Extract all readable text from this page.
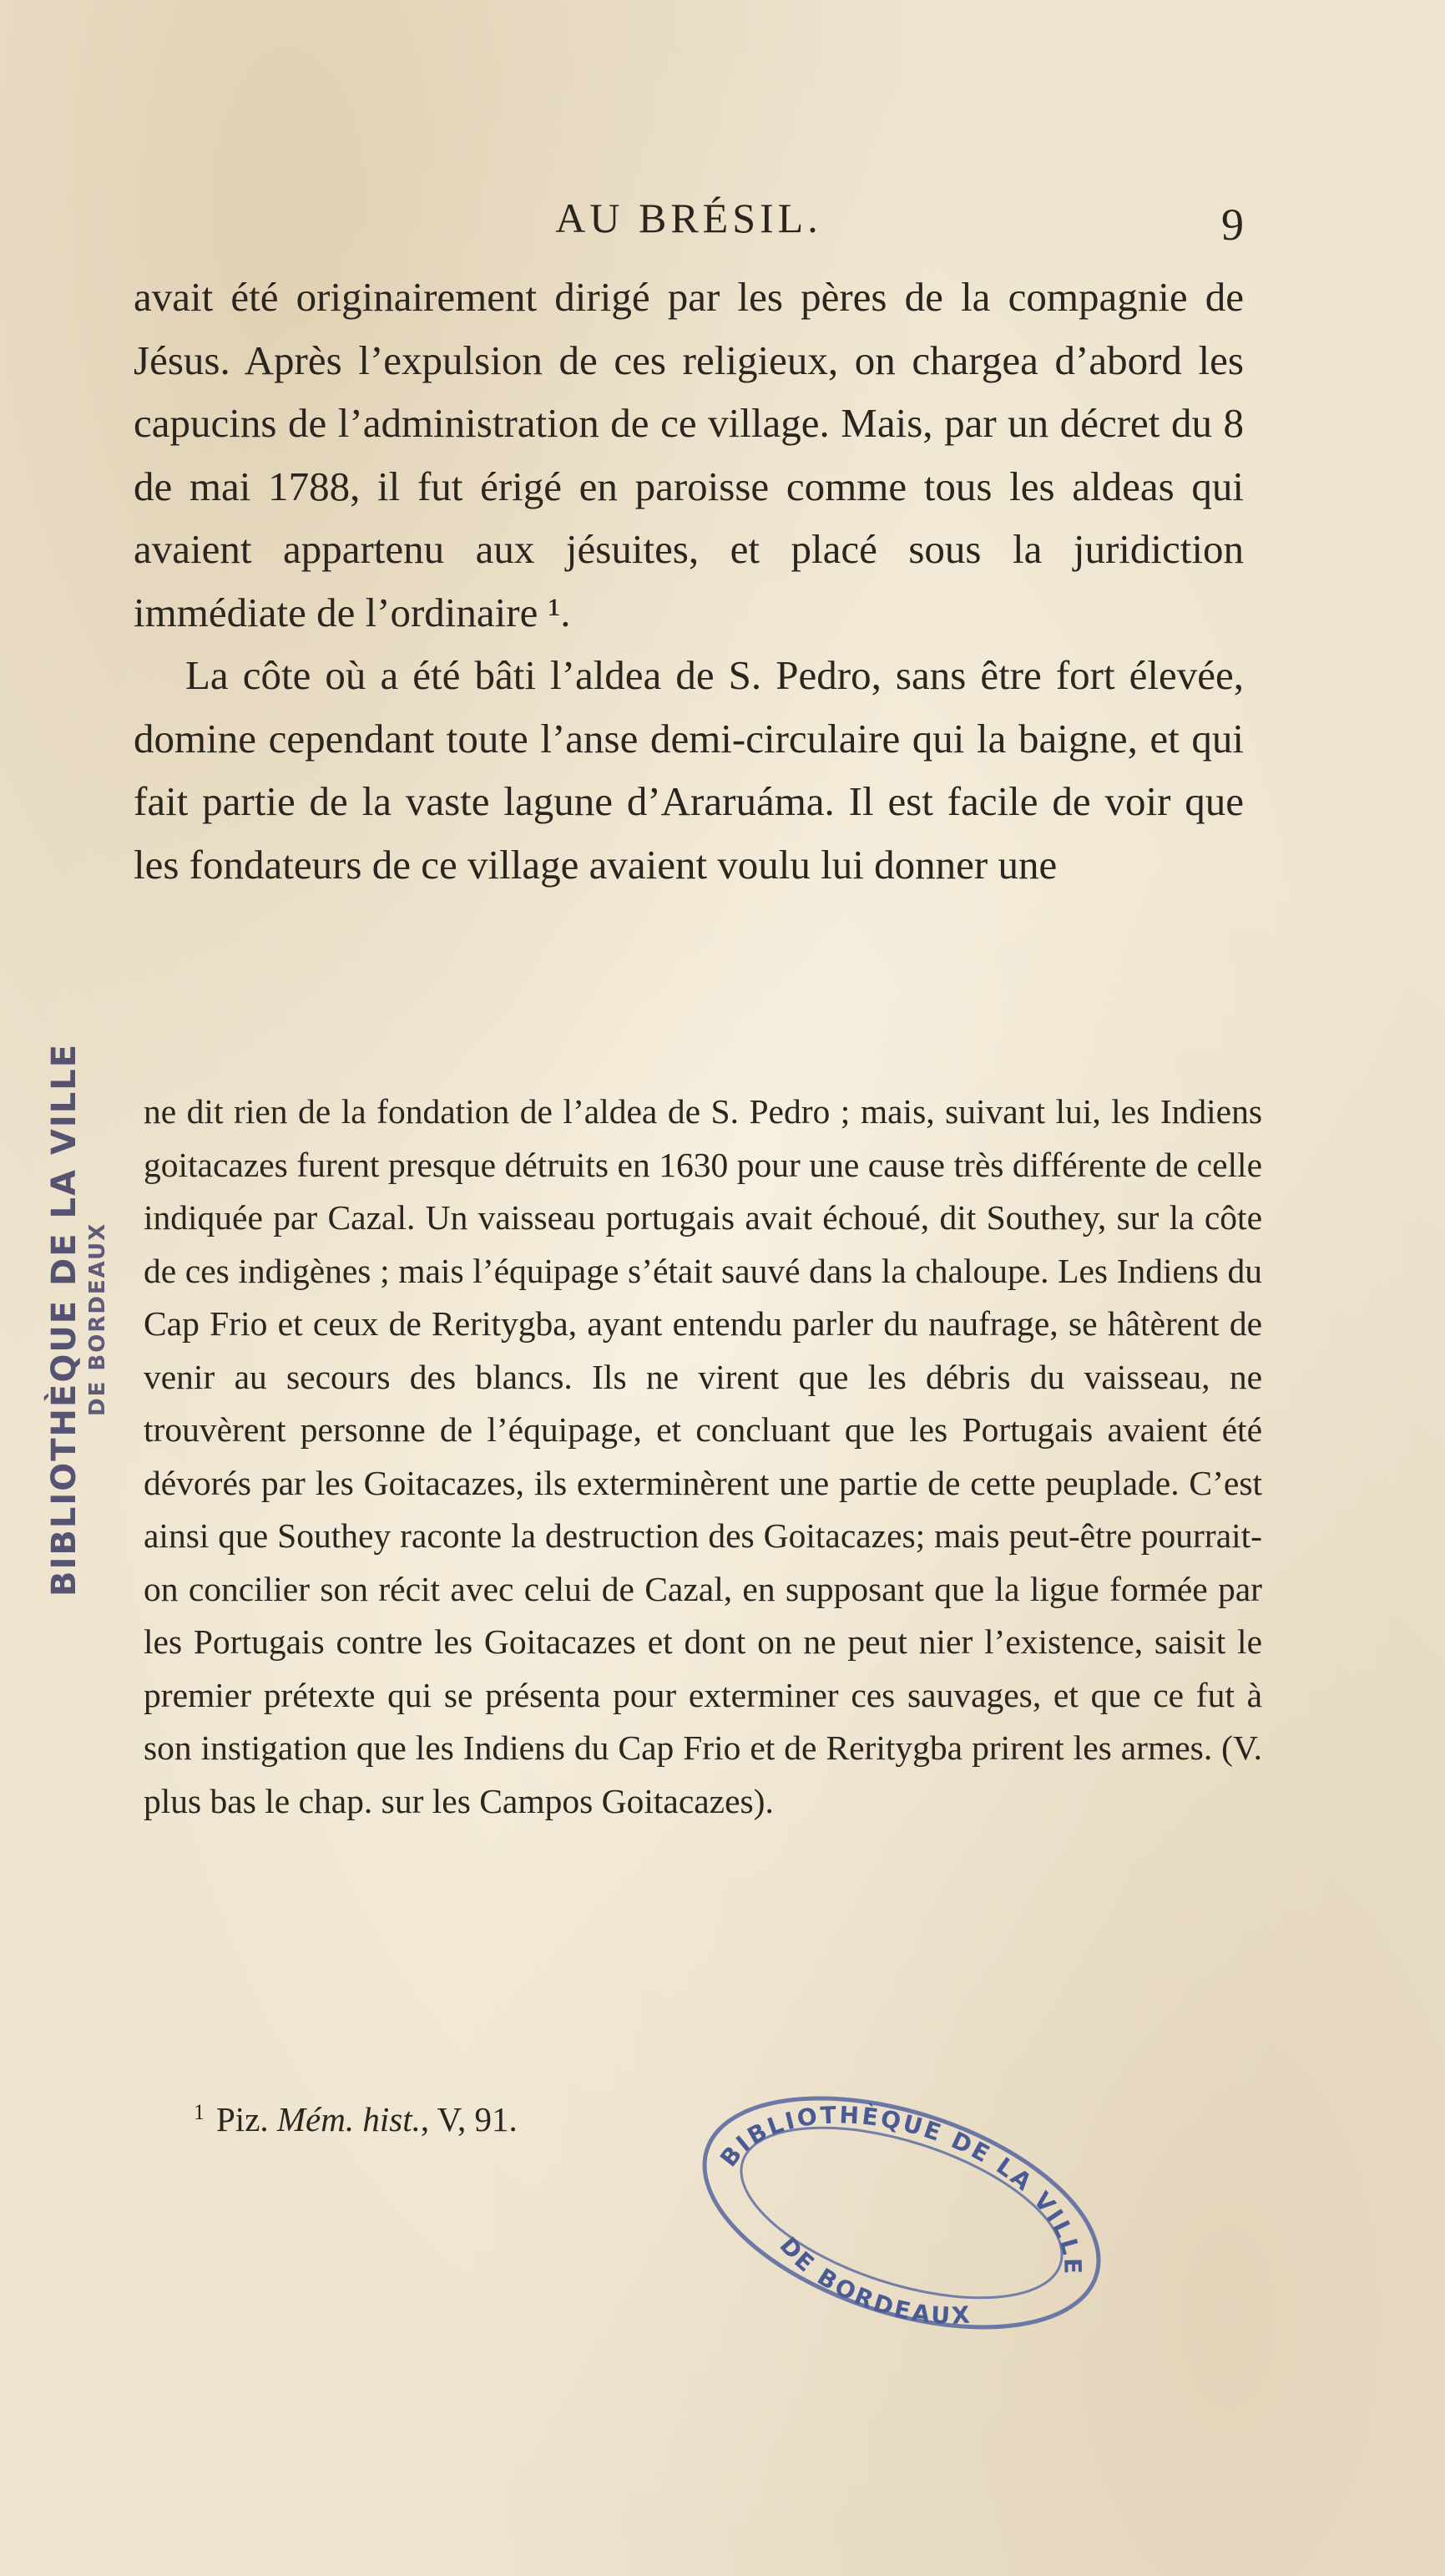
AU BRÉSIL.	9

avait été originairement dirigé par les pères de la compagnie de Jésus. Après l’expulsion de ces religieux, on chargea d’abord les capucins de l’administration de ce village. Mais, par un décret du 8 de mai 1788, il fut érigé en paroisse comme tous les aldeas qui avaient appartenu aux jésuites, et placé sous la juridiction immédiate de l’ordinaire ¹.

La côte où a été bâti l’aldea de S. Pedro, sans être fort élevée, domine cependant toute l’anse demi-circulaire qui la baigne, et qui fait partie de la vaste lagune d’Araruáma. Il est facile de voir que les fondateurs de ce village avaient voulu lui donner une

ne dit rien de la fondation de l’aldea de S. Pedro ; mais, suivant lui, les Indiens goitacazes furent presque détruits en 1630 pour une cause très différente de celle indiquée par Cazal. Un vaisseau portugais avait échoué, dit Southey, sur la côte de ces indigènes ; mais l’équipage s’était sauvé dans la chaloupe. Les Indiens du Cap Frio et ceux de Reritygba, ayant entendu parler du naufrage, se hâtèrent de venir au secours des blancs. Ils ne virent que les débris du vaisseau, ne trouvèrent personne de l’équipage, et concluant que les Portugais avaient été dévorés par les Goitacazes, ils exterminèrent une partie de cette peuplade. C’est ainsi que Southey raconte la destruction des Goitacazes; mais peut-être pourrait-on concilier son récit avec celui de Cazal, en supposant que la ligue formée par les Portugais contre les Goitacazes et dont on ne peut nier l’existence, saisit le premier prétexte qui se présenta pour exterminer ces sauvages, et que ce fut à son instigation que les Indiens du Cap Frio et de Reritygba prirent les armes. (V. plus bas le chap. sur les Campos Goitacazes).

$^1$ Piz. Mém. hist., V, 91.
BIBLIOTHÈQUE DE LA VILLE DE BORDEAUX
BIBLIOTHÈQUE DE LA VILLE
DE BORDEAUX
